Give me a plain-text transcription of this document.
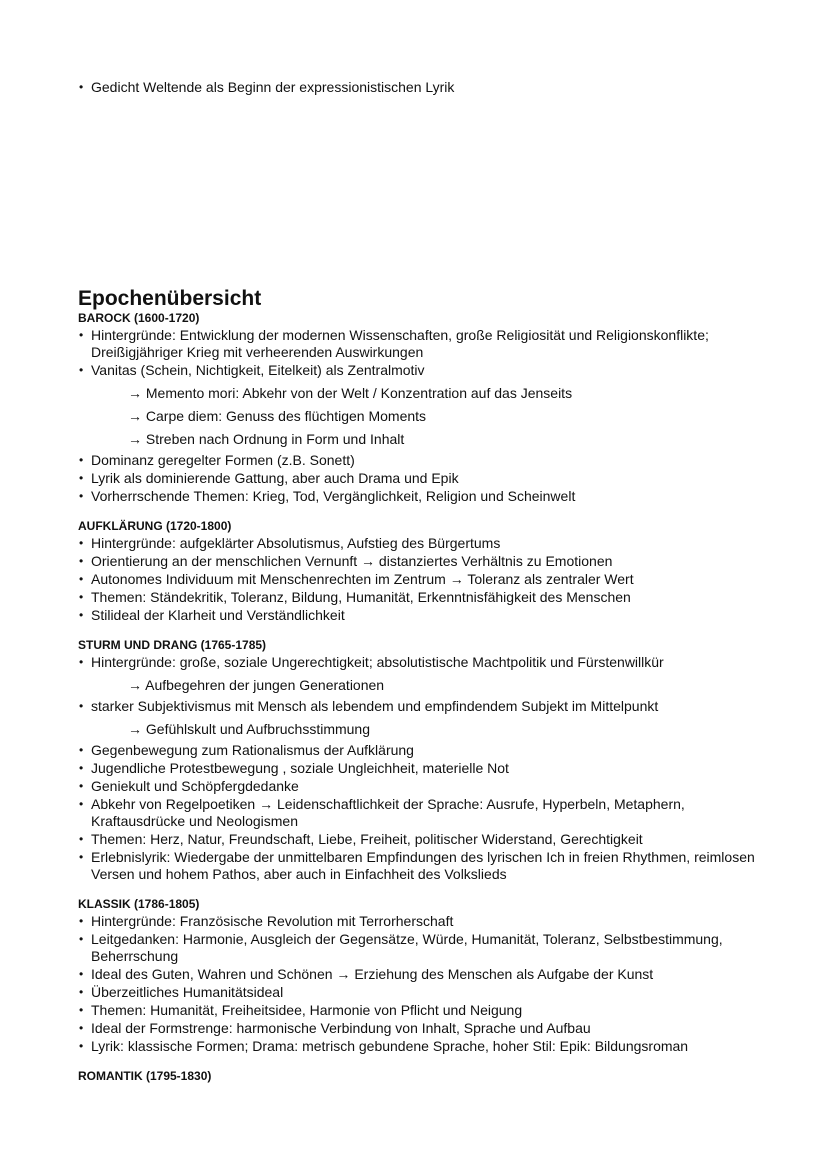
• Gedicht Weltende als Beginn der expressionistischen Lyrik
Epochenübersicht
BAROCK (1600-1720)
• Hintergründe: Entwicklung der modernen Wissenschaften, große Religiosität und Religionskonflikte; Dreißigjähriger Krieg mit verheerenden Auswirkungen
• Vanitas (Schein, Nichtigkeit, Eitelkeit) als Zentralmotiv
→ Memento mori: Abkehr von der Welt / Konzentration auf das Jenseits
→ Carpe diem: Genuss des flüchtigen Moments
→ Streben nach Ordnung in Form und Inhalt
• Dominanz geregelter Formen (z.B. Sonett)
• Lyrik als dominierende Gattung, aber auch Drama und Epik
• Vorherrschende Themen: Krieg, Tod, Vergänglichkeit, Religion und Scheinwelt
AUFKLÄRUNG (1720-1800)
• Hintergründe: aufgeklärter Absolutismus, Aufstieg des Bürgertums
• Orientierung an der menschlichen Vernunft → distanziertes Verhältnis zu Emotionen
• Autonomes Individuum mit Menschenrechten im Zentrum → Toleranz als zentraler Wert
• Themen: Ständekritik, Toleranz, Bildung, Humanität, Erkenntnisfähigkeit des Menschen
• Stilideal der Klarheit und Verständlichkeit
STURM UND DRANG (1765-1785)
• Hintergründe: große, soziale Ungerechtigkeit; absolutistische Machtpolitik und Fürstenwillkür
→ Aufbegehren der jungen Generationen
• starker Subjektivismus mit Mensch als lebendem und empfindendem Subjekt im Mittelpunkt
→ Gefühlskult und Aufbruchsstimmung
• Gegenbewegung zum Rationalismus der Aufklärung
• Jugendliche Protestbewegung , soziale Ungleichheit, materielle Not
• Geniekult und Schöpfergdedanke
• Abkehr von Regelpoetiken → Leidenschaftlichkeit der Sprache: Ausrufe, Hyperbeln, Metaphern, Kraftausdrücke und Neologismen
• Themen: Herz, Natur, Freundschaft, Liebe, Freiheit, politischer Widerstand, Gerechtigkeit
• Erlebnislyrik: Wiedergabe der unmittelbaren Empfindungen des lyrischen Ich in freien Rhythmen, reimlosen Versen und hohem Pathos, aber auch in Einfachheit des Volkslieds
KLASSIK (1786-1805)
• Hintergründe: Französische Revolution mit Terrorherschaft
• Leitgedanken: Harmonie, Ausgleich der Gegensätze, Würde, Humanität, Toleranz, Selbstbestimmung, Beherrschung
• Ideal des Guten, Wahren und Schönen → Erziehung des Menschen als Aufgabe der Kunst
• Überzeitliches Humanitätsideal
• Themen: Humanität, Freiheitsidee, Harmonie von Pflicht und Neigung
• Ideal der Formstrenge: harmonische Verbindung von Inhalt, Sprache und Aufbau
• Lyrik: klassische Formen; Drama: metrisch gebundene Sprache, hoher Stil: Epik: Bildungsroman
ROMANTIK (1795-1830)
